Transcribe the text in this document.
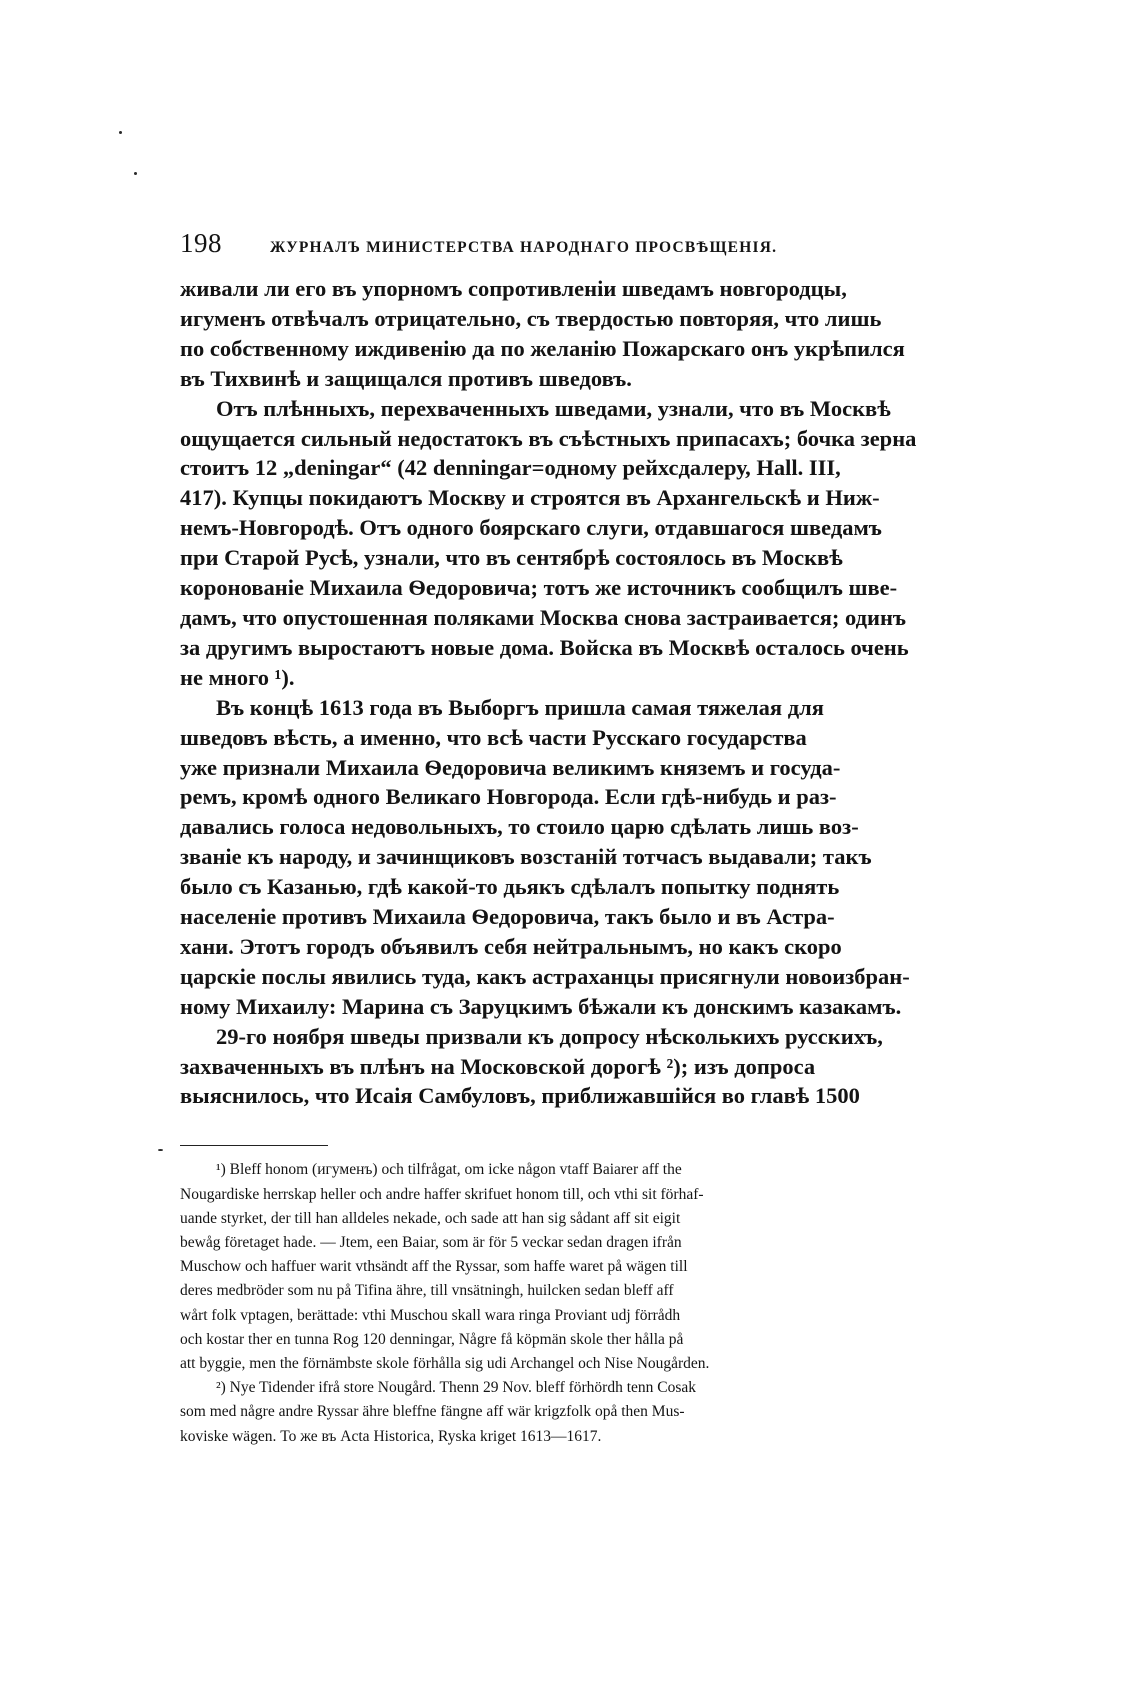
198	ЖУРНАЛЪ МИНИСТЕРСТВА НАРОДНАГО ПРОСВѢЩЕНІЯ.

живали ли его въ упорномъ сопротивленіи шведамъ новгородцы,
игуменъ отвѣчалъ отрицательно, съ твердостью повторяя, что лишь
по собственному иждивенію да по желанію Пожарскаго онъ укрѣпился
въ Тихвинѣ и защищался противъ шведовъ.

Отъ плѣнныхъ, перехваченныхъ шведами, узнали, что въ Москвѣ
ощущается сильный недостатокъ въ съѣстныхъ припасахъ; бочка зерна
стоитъ 12 „deningar“ (42 denningar=одному рейхсдалеру, Hall. III,
417). Купцы покидаютъ Москву и строятся въ Архангельскѣ и Ниж-
немъ-Новгородѣ. Отъ одного боярскаго слуги, отдавшагося шведамъ
при Старой Русѣ, узнали, что въ сентябрѣ состоялось въ Москвѣ
коронованіе Михаила Ѳедоровича; тотъ же источникъ сообщилъ шве-
дамъ, что опустошенная поляками Москва снова застраивается; одинъ
за другимъ выростаютъ новые дома. Войска въ Москвѣ осталось очень
не много ¹).

Въ концѣ 1613 года въ Выборгъ пришла самая тяжелая для
шведовъ вѣсть, а именно, что всѣ части Русскаго государства
уже признали Михаила Ѳедоровича великимъ княземъ и госуда-
ремъ, кромѣ одного Великаго Новгорода. Если гдѣ-нибудь и раз-
давались голоса недовольныхъ, то стоило царю сдѣлать лишь воз-
званіе къ народу, и зачинщиковъ возстаній тотчасъ выдавали; такъ
было съ Казанью, гдѣ какой-то дьякъ сдѣлалъ попытку поднять
населеніе противъ Михаила Ѳедоровича, такъ было и въ Астра-
хани. Этотъ городъ объявилъ себя нейтральнымъ, но какъ скоро
царскіе послы явились туда, какъ астраханцы присягнули новоизбран-
ному Михаилу: Марина съ Заруцкимъ бѣжали къ донскимъ казакамъ.

29-го ноября шведы призвали къ допросу нѣсколькихъ русскихъ,
захваченныхъ въ плѣнъ на Московской дорогѣ ²); изъ допроса
выяснилось, что Исаія Самбуловъ, приближавшійся во главѣ 1500

¹) Bleff honom (игуменъ) och tilfrågat, om icke någon vtaff Baiarer aff the
Nougardiske herrskap heller och andre haffer skrifuet honom till, och vthi sit förhaf-
uande styrket, der till han alldeles nekade, och sade att han sig sådant aff sit eigit
bewåg företaget hade. — Jtem, een Baiar, som är för 5 veckar sedan dragen ifrån
Muschow och haffuer warit vthsändt aff the Ryssar, som haffe waret på wägen till
deres medbröder som nu på Tifina ähre, till vnsätningh, huilcken sedan bleff aff
wårt folk vptagen, berättade: vthi Muschou skall wara ringa Proviant udj förrådh
och kostar ther en tunna Rog 120 denningar, Någre få köpmän skole ther hålla på
att byggie, men the förnämbste skole förhålla sig udi Archangel och Nise Nougården.

²) Nye Tidender ifrå store Nougård. Thenn 29 Nov. bleff förhördh tenn Cosak
som med någre andre Ryssar ähre bleffne fängne aff wär krigzfolk opå then Mus-
koviske wägen. То же въ Acta Historica, Ryska kriget 1613—1617.
